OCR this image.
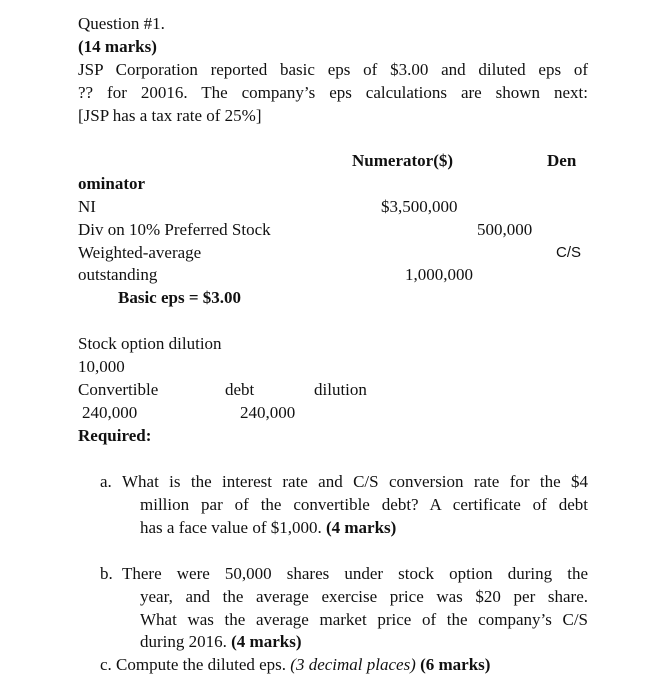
Question #1.
(14 marks)
JSP Corporation reported basic eps of $3.00 and diluted eps of
?? for 20016. The company’s eps calculations are shown next:
[JSP has a tax rate of 25%]
Numerator($)	Den
ominator
NI	$3,500,000
Div on 10% Preferred Stock	500,000
Weighted-average	C/S
outstanding	1,000,000
Basic eps = $3.00
Stock option dilution
10,000
Convertible	debt	dilution
240,000	240,000
Required:
a. What is the interest rate and C/S conversion rate for the $4
million par of the convertible debt? A certificate of debt
has a face value of $1,000. (4 marks)
b. There were 50,000 shares under stock option during the
year, and the average exercise price was $20 per share.
What was the average market price of the company’s C/S
during 2016. (4 marks)
c. Compute the diluted eps. (3 decimal places) (6 marks)
